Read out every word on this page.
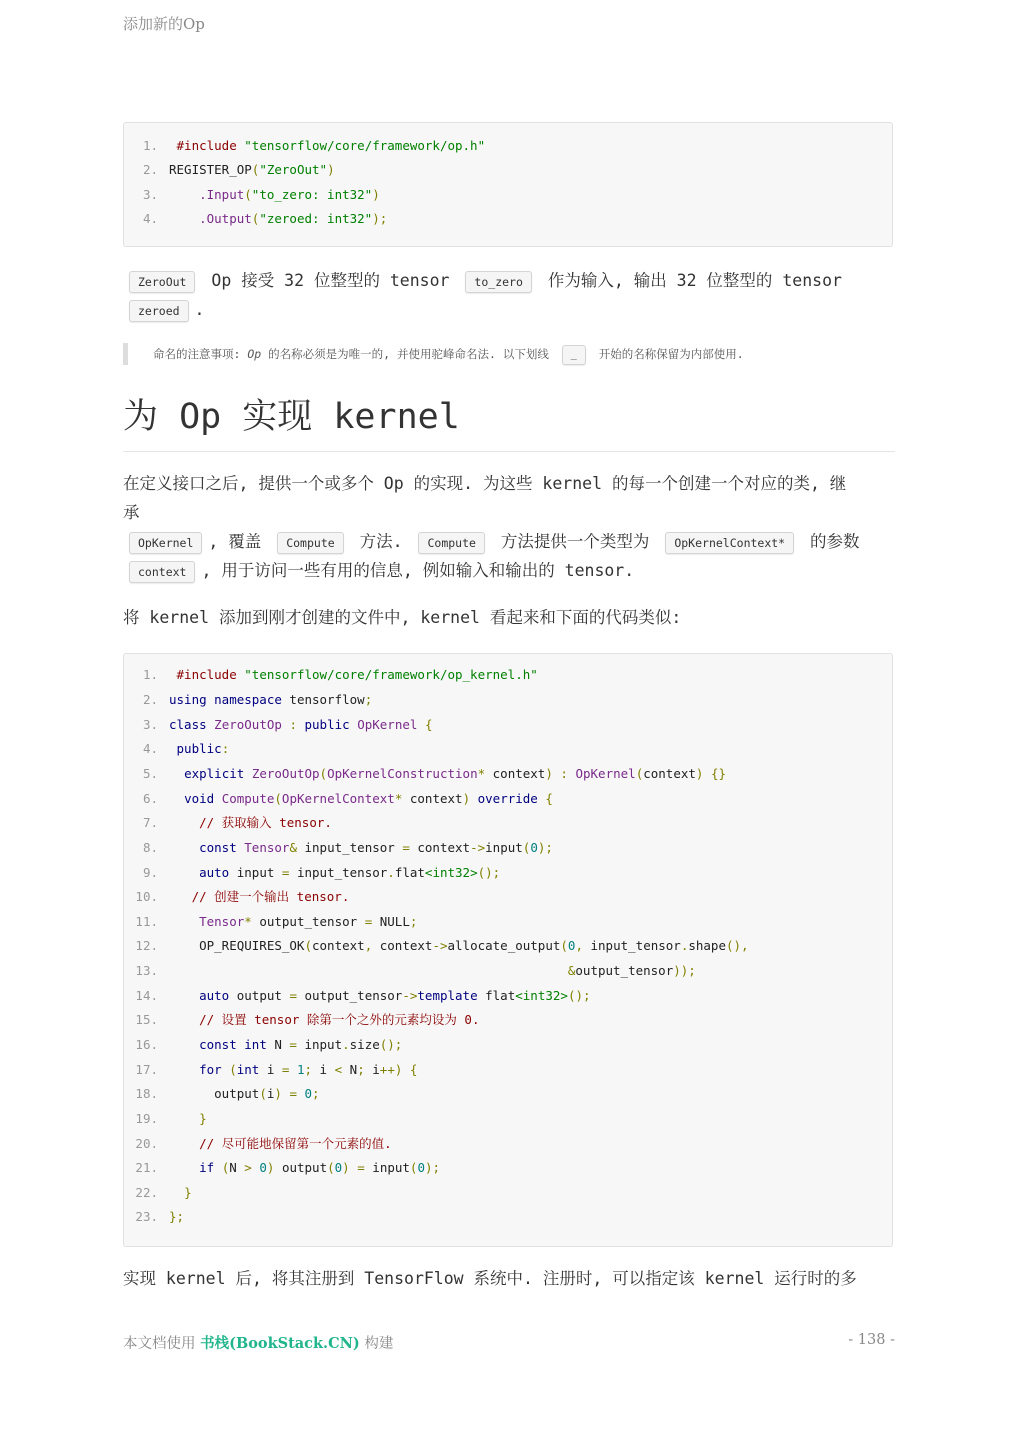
添加新的Op
1. #include "tensorflow/core/framework/op.h"
2. REGISTER_OP("ZeroOut")
3.	.Input("to_zero: int32")
4.	.Output("zeroed: int32");
ZeroOut Op 接受 32 位整型的 tensor to_zero 作为输入, 输出 32 位整型的 tensor
zeroed .
命名的注意事项: Op 的名称必须是为唯一的, 并使用驼峰命名法. 以下划线 _ 开始的名称保留为内部使用.
为 Op 实现 kernel
在定义接口之后, 提供一个或多个 Op 的实现. 为这些 kernel 的每一个创建一个对应的类, 继
承
OpKernel , 覆盖 Compute 方法. Compute 方法提供一个类型为 OpKernelContext* 的参数
context , 用于访问一些有用的信息, 例如输入和输出的 tensor.
将 kernel 添加到刚才创建的文件中, kernel 看起来和下面的代码类似:
1. #include "tensorflow/core/framework/op_kernel.h"
2. using namespace tensorflow;
3. class ZeroOutOp : public OpKernel {
4. public:
5. explicit ZeroOutOp(OpKernelConstruction* context) : OpKernel(context) {}
6. void Compute(OpKernelContext* context) override {
7.	// 获取输入 tensor.
8.	const Tensor& input_tensor = context->input(0);
9.	auto input = input_tensor.flat<int32>();
10.	// 创建一个输出 tensor.
11.	Tensor* output_tensor = NULL;
12.    OP_REQUIRES_OK(context, context->allocate_output(0, input_tensor.shape(),
13.	&output_tensor));
14.	auto output = output_tensor->template flat<int32>();
15.	// 设置 tensor 除第一个之外的元素均设为 0.
16.	const int N = input.size();
17.	for (int i = 1; i < N; i++) {
18.      output(i) = 0;
19.	}
20.	// 尽可能地保留第一个元素的值.
21.	if (N > 0) output(0) = input(0);
22. }
23. };
实现 kernel 后, 将其注册到 TensorFlow 系统中. 注册时, 可以指定该 kernel 运行时的多
本文档使用 书栈(BookStack.CN) 构建	- 138 -
